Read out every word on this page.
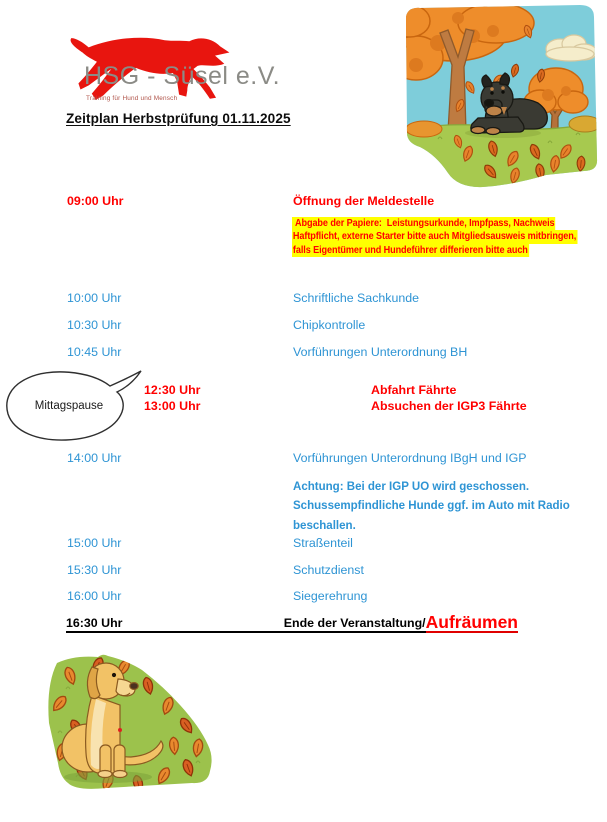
HSG - Süsel e.V.
Training für Hund und Mensch
Zeitplan Herbstprüfung 01.11.2025
09:00 Uhr	Öffnung der Meldestelle
Abgabe der Papiere:  Leistungsurkunde, Impfpass, Nachweis
Haftpflicht, externe Starter bitte auch Mitgliedsausweis mitbringen,
falls Eigentümer und Hundeführer differieren bitte auch
10:00 Uhr	Schriftliche Sachkunde
10:30 Uhr	Chipkontrolle
10:45 Uhr	Vorführungen Unterordnung BH
Mittagspause
12:30 Uhr	Abfahrt Fährte
13:00 Uhr	Absuchen der IGP3 Fährte
14:00 Uhr	Vorführungen Unterordnung IBgH und IGP
Achtung: Bei der IGP UO wird geschossen.
Schussempfindliche Hunde ggf. im Auto mit Radio
beschallen.
15:00 Uhr	Straßenteil
15:30 Uhr	Schutzdienst
16:00 Uhr	Siegerehrung
16:30 Uhr	Ende der Veranstaltung/ Aufräumen
